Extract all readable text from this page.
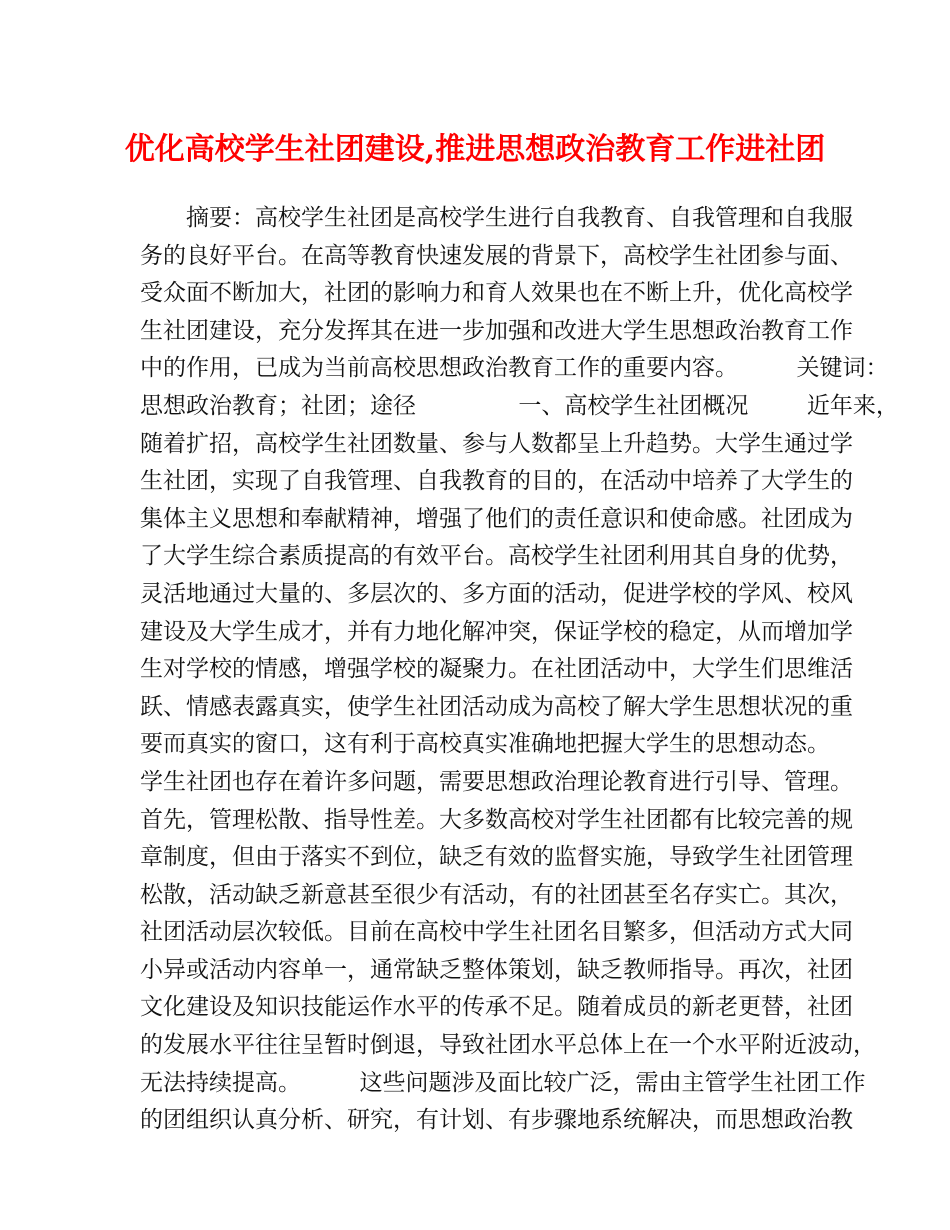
优化高校学生社团建设,推进思想政治教育工作进社团
摘要：高校学生社团是高校学生进行自我教育、自我管理和自我服
务的良好平台。在高等教育快速发展的背景下，高校学生社团参与面、
受众面不断加大，社团的影响力和育人效果也在不断上升，优化高校学
生社团建设，充分发挥其在进一步加强和改进大学生思想政治教育工作
中的作用，已成为当前高校思想政治教育工作的重要内容。        关键词：
思想政治教育；社团；途径              一、高校学生社团概况        近年来，
随着扩招，高校学生社团数量、参与人数都呈上升趋势。大学生通过学
生社团，实现了自我管理、自我教育的目的，在活动中培养了大学生的
集体主义思想和奉献精神，增强了他们的责任意识和使命感。社团成为
了大学生综合素质提高的有效平台。高校学生社团利用其自身的优势，
灵活地通过大量的、多层次的、多方面的活动，促进学校的学风、校风
建设及大学生成才，并有力地化解冲突，保证学校的稳定，从而增加学
生对学校的情感，增强学校的凝聚力。在社团活动中，大学生们思维活
跃、情感表露真实，使学生社团活动成为高校了解大学生思想状况的重
要而真实的窗口，这有利于高校真实准确地把握大学生的思想动态。
学生社团也存在着许多问题，需要思想政治理论教育进行引导、管理。
首先，管理松散、指导性差。大多数高校对学生社团都有比较完善的规
章制度，但由于落实不到位，缺乏有效的监督实施，导致学生社团管理
松散，活动缺乏新意甚至很少有活动，有的社团甚至名存实亡。其次，
社团活动层次较低。目前在高校中学生社团名目繁多，但活动方式大同
小异或活动内容单一，通常缺乏整体策划，缺乏教师指导。再次，社团
文化建设及知识技能运作水平的传承不足。随着成员的新老更替，社团
的发展水平往往呈暂时倒退，导致社团水平总体上在一个水平附近波动，
无法持续提高。        这些问题涉及面比较广泛，需由主管学生社团工作
的团组织认真分析、研究，有计划、有步骤地系统解决，而思想政治教
